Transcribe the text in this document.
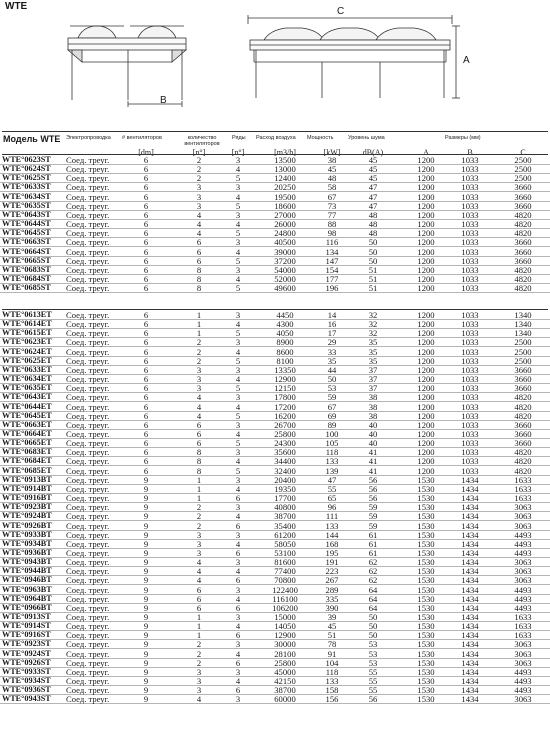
WTE
B
C
A
Модель WTE Электропроводка # вентиляторов	количество вентиляторов
Ряды Расход воздуха Мощность	Уровень шума	Размеры (мм)
[dm]	[n°]	[n°]	[m3/h]	[kW]	dB(A)	A	B	C
WTE°0623ST	Соед. треуг.	6	2	3	13500	38	45	1200	1033	2500
WTE°0624ST	Соед. треуг.	6	2	4	13000	45	45	1200	1033	2500
WTE°0625ST	Соед. треуг.	6	2	5	12400	48	45	1200	1033	2500
WTE°0633ST	Соед. треуг.	6	3	3	20250	58	47	1200	1033	3660
WTE°0634ST	Соед. треуг.	6	3	4	19500	67	47	1200	1033	3660
WTE°0635ST	Соед. треуг.	6	3	5	18600	73	47	1200	1033	3660
WTE°0643ST	Соед. треуг.	6	4	3	27000	77	48	1200	1033	4820
WTE°0644ST	Соед. треуг.	6	4	4	26000	88	48	1200	1033	4820
WTE°0645ST	Соед. треуг.	6	4	5	24800	98	48	1200	1033	4820
WTE°0663ST	Соед. треуг.	6	6	3	40500	116	50	1200	1033	3660
WTE°0664ST	Соед. треуг.	6	6	4	39000	134	50	1200	1033	3660
WTE°0665ST	Соед. треуг.	6	6	5	37200	147	50	1200	1033	3660
WTE°0683ST	Соед. треуг.	6	8	3	54000	154	51	1200	1033	4820
WTE°0684ST	Соед. треуг.	6	8	4	52000	177	51	1200	1033	4820
WTE°0685ST	Соед. треуг.	6	8	5	49600	196	51	1200	1033	4820
WTE°0613ET	Соед. треуг.	6	1	3	4450	14	32	1200	1033	1340
WTE°0614ET	Соед. треуг.	6	1	4	4300	16	32	1200	1033	1340
WTE°0615ET	Соед. треуг.	6	1	5	4050	17	32	1200	1033	1340
WTE°0623ET	Соед. треуг.	6	2	3	8900	29	35	1200	1033	2500
WTE°0624ET	Соед. треуг.	6	2	4	8600	33	35	1200	1033	2500
WTE°0625ET	Соед. треуг.	6	2	5	8100	35	35	1200	1033	2500
WTE°0633ET	Соед. треуг.	6	3	3	13350	44	37	1200	1033	3660
WTE°0634ET	Соед. треуг.	6	3	4	12900	50	37	1200	1033	3660
WTE°0635ET	Соед. треуг.	6	3	5	12150	53	37	1200	1033	3660
WTE°0643ET	Соед. треуг.	6	4	3	17800	59	38	1200	1033	4820
WTE°0644ET	Соед. треуг.	6	4	4	17200	67	38	1200	1033	4820
WTE°0645ET	Соед. треуг.	6	4	5	16200	69	38	1200	1033	4820
WTE°0663ET	Соед. треуг.	6	6	3	26700	89	40	1200	1033	3660
WTE°0664ET	Соед. треуг.	6	6	4	25800	100	40	1200	1033	3660
WTE°0665ET	Соед. треуг.	6	6	5	24300	105	40	1200	1033	3660
WTE°0683ET	Соед. треуг.	6	8	3	35600	118	41	1200	1033	4820
WTE°0684ET	Соед. треуг.	6	8	4	34400	133	41	1200	1033	4820
WTE°0685ET	Соед. треуг.	6	8	5	32400	139	41	1200	1033	4820
WTE°0913BT	Соед. треуг.	9	1	3	20400	47	56	1530	1434	1633
WTE°0914BT	Соед. треуг.	9	1	4	19350	55	56	1530	1434	1633
WTE°0916BT	Соед. треуг.	9	1	6	17700	65	56	1530	1434	1633
WTE°0923BT	Соед. треуг.	9	2	3	40800	96	59	1530	1434	3063
WTE°0924BT	Соед. треуг.	9	2	4	38700	111	59	1530	1434	3063
WTE°0926BT	Соед. треуг.	9	2	6	35400	133	59	1530	1434	3063
WTE°0933BT	Соед. треуг.	9	3	3	61200	144	61	1530	1434	4493
WTE°0934BT	Соед. треуг.	9	3	4	58050	168	61	1530	1434	4493
WTE°0936BT	Соед. треуг.	9	3	6	53100	195	61	1530	1434	4493
WTE°0943BT	Соед. треуг.	9	4	3	81600	191	62	1530	1434	3063
WTE°0944BT	Соед. треуг.	9	4	4	77400	223	62	1530	1434	3063
WTE°0946BT	Соед. треуг.	9	4	6	70800	267	62	1530	1434	3063
WTE°0963BT	Соед. треуг.	9	6	3	122400	289	64	1530	1434	4493
WTE°0964BT	Соед. треуг.	9	6	4	116100	335	64	1530	1434	4493
WTE°0966BT	Соед. треуг.	9	6	6	106200	390	64	1530	1434	4493
WTE°0913ST	Соед. треуг.	9	1	3	15000	39	50	1530	1434	1633
WTE°0914ST	Соед. треуг.	9	1	4	14050	45	50	1530	1434	1633
WTE°0916ST	Соед. треуг.	9	1	6	12900	51	50	1530	1434	1633
WTE°0923ST	Соед. треуг.	9	2	3	30000	78	53	1530	1434	3063
WTE°0924ST	Соед. треуг.	9	2	4	28100	91	53	1530	1434	3063
WTE°0926ST	Соед. треуг.	9	2	6	25800	104	53	1530	1434	3063
WTE°0933ST	Соед. треуг.	9	3	3	45000	118	55	1530	1434	4493
WTE°0934ST	Соед. треуг.	9	3	4	42150	133	55	1530	1434	4493
WTE°0936ST	Соед. треуг.	9	3	6	38700	158	55	1530	1434	4493
WTE°0943ST	Соед. треуг.	9	4	3	60000	156	56	1530	1434	3063
